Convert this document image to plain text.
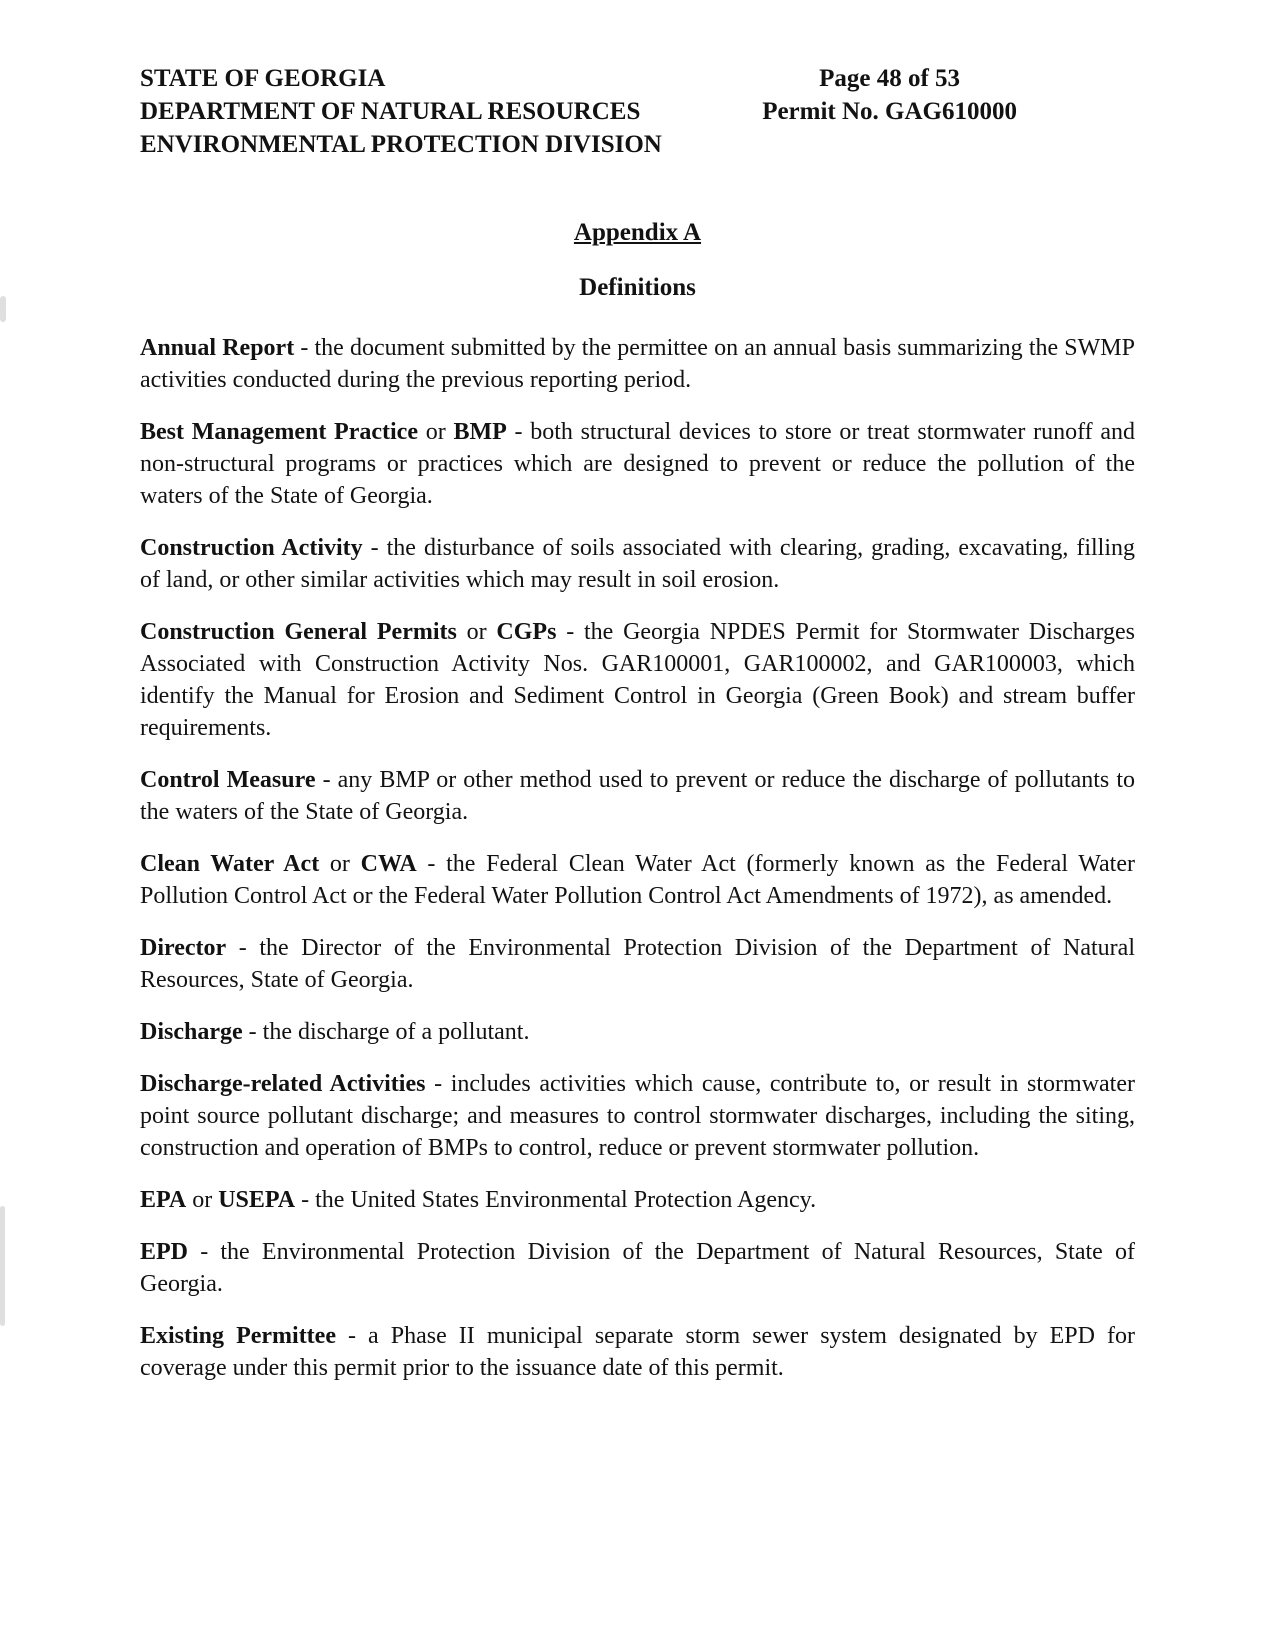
STATE OF GEORGIA
DEPARTMENT OF NATURAL RESOURCES
ENVIRONMENTAL PROTECTION DIVISION
Page 48 of 53
Permit No. GAG610000
Appendix A
Definitions

Annual Report - the document submitted by the permittee on an annual basis summarizing the SWMP activities conducted during the previous reporting period.

Best Management Practice or BMP - both structural devices to store or treat stormwater runoff and non-structural programs or practices which are designed to prevent or reduce the pollution of the waters of the State of Georgia.

Construction Activity - the disturbance of soils associated with clearing, grading, excavating, filling of land, or other similar activities which may result in soil erosion.

Construction General Permits or CGPs - the Georgia NPDES Permit for Stormwater Discharges Associated with Construction Activity Nos. GAR100001, GAR100002, and GAR100003, which identify the Manual for Erosion and Sediment Control in Georgia (Green Book) and stream buffer requirements.

Control Measure - any BMP or other method used to prevent or reduce the discharge of pollutants to the waters of the State of Georgia.

Clean Water Act or CWA - the Federal Clean Water Act (formerly known as the Federal Water Pollution Control Act or the Federal Water Pollution Control Act Amendments of 1972), as amended.

Director - the Director of the Environmental Protection Division of the Department of Natural Resources, State of Georgia.

Discharge - the discharge of a pollutant.

Discharge-related Activities - includes activities which cause, contribute to, or result in stormwater point source pollutant discharge; and measures to control stormwater discharges, including the siting, construction and operation of BMPs to control, reduce or prevent stormwater pollution.

EPA or USEPA - the United States Environmental Protection Agency.

EPD - the Environmental Protection Division of the Department of Natural Resources, State of Georgia.

Existing Permittee - a Phase II municipal separate storm sewer system designated by EPD for coverage under this permit prior to the issuance date of this permit.
